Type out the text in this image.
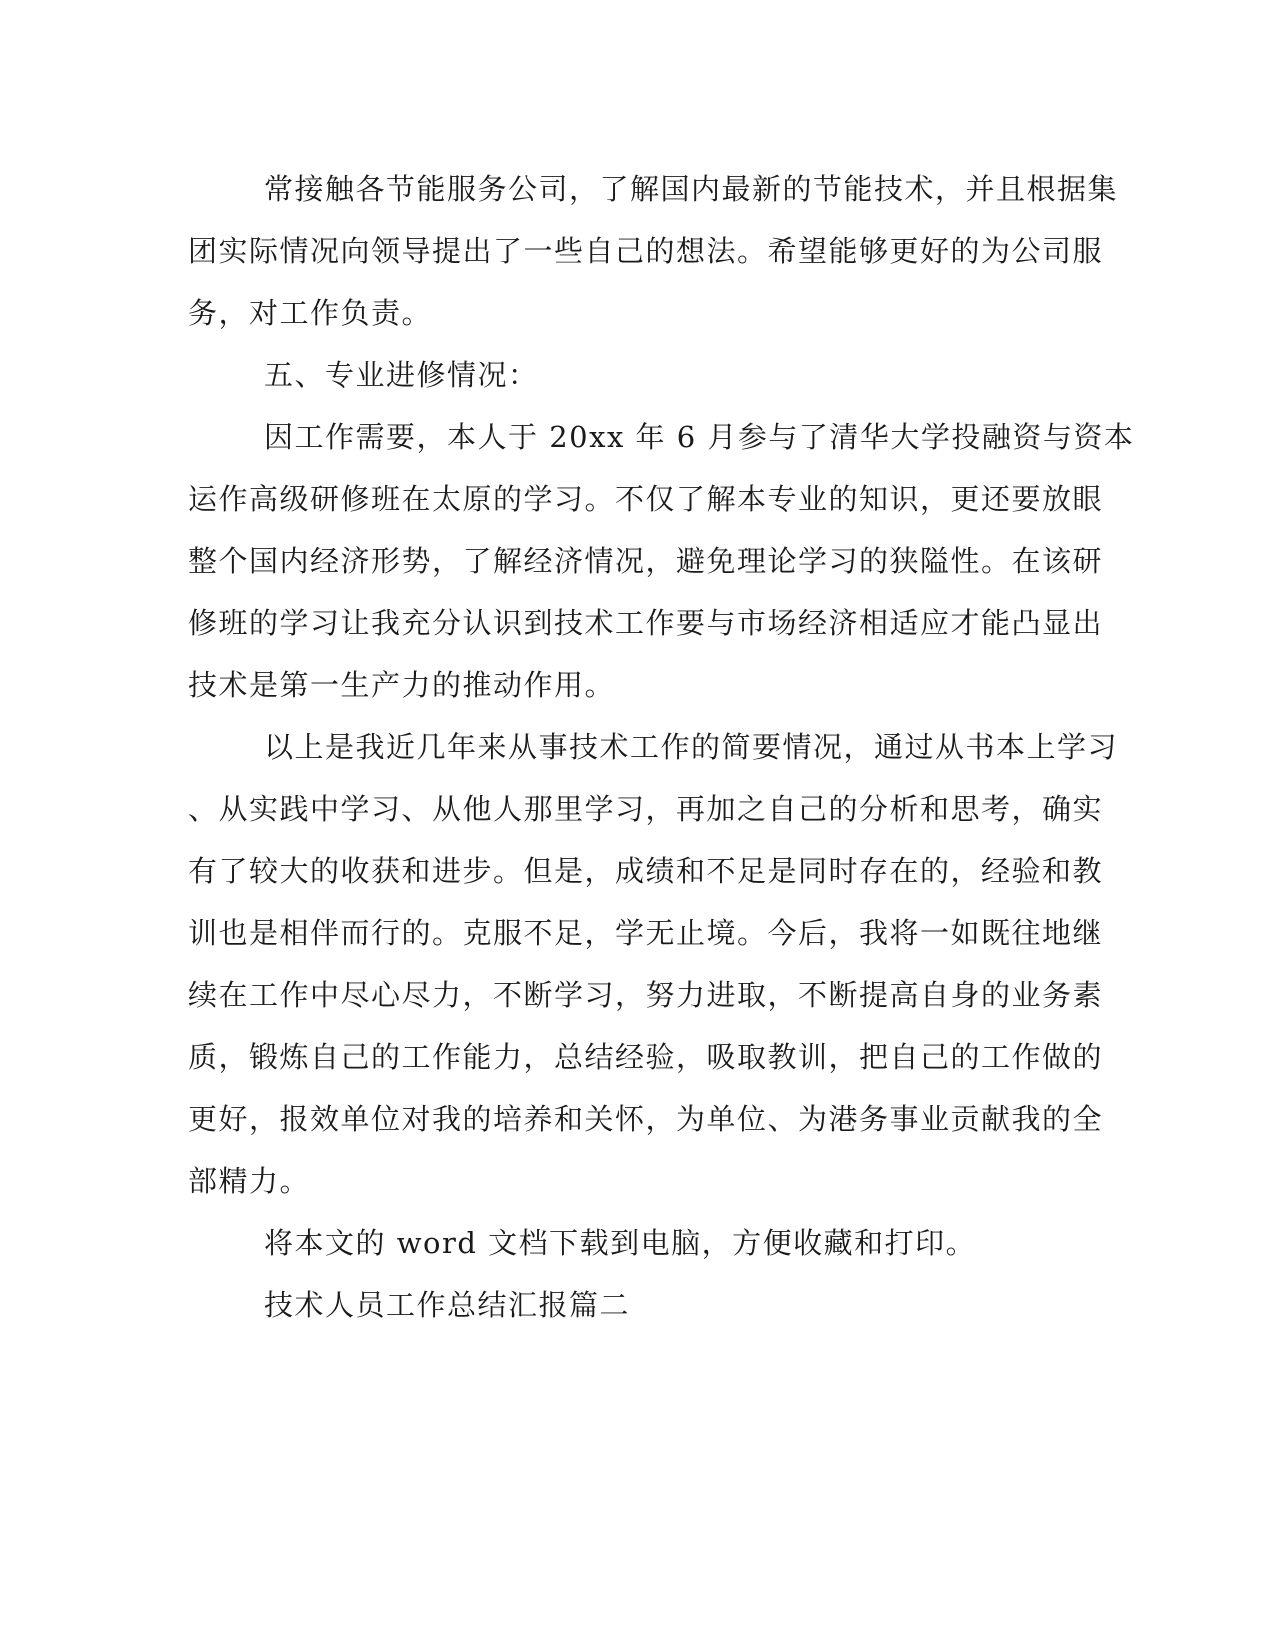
常接触各节能服务公司，了解国内最新的节能技术，并且根据集
团实际情况向领导提出了一些自己的想法。希望能够更好的为公司服
务，对工作负责。
五、专业进修情况：
因工作需要，本人于 20xx 年 6 月参与了清华大学投融资与资本
运作高级研修班在太原的学习。不仅了解本专业的知识，更还要放眼
整个国内经济形势，了解经济情况，避免理论学习的狭隘性。在该研
修班的学习让我充分认识到技术工作要与市场经济相适应才能凸显出
技术是第一生产力的推动作用。
以上是我近几年来从事技术工作的简要情况，通过从书本上学习
、从实践中学习、从他人那里学习，再加之自己的分析和思考，确实
有了较大的收获和进步。但是，成绩和不足是同时存在的，经验和教
训也是相伴而行的。克服不足，学无止境。今后，我将一如既往地继
续在工作中尽心尽力，不断学习，努力进取，不断提高自身的业务素
质，锻炼自己的工作能力，总结经验，吸取教训，把自己的工作做的
更好，报效单位对我的培养和关怀，为单位、为港务事业贡献我的全
部精力。
将本文的 word 文档下载到电脑，方便收藏和打印。
技术人员工作总结汇报篇二
